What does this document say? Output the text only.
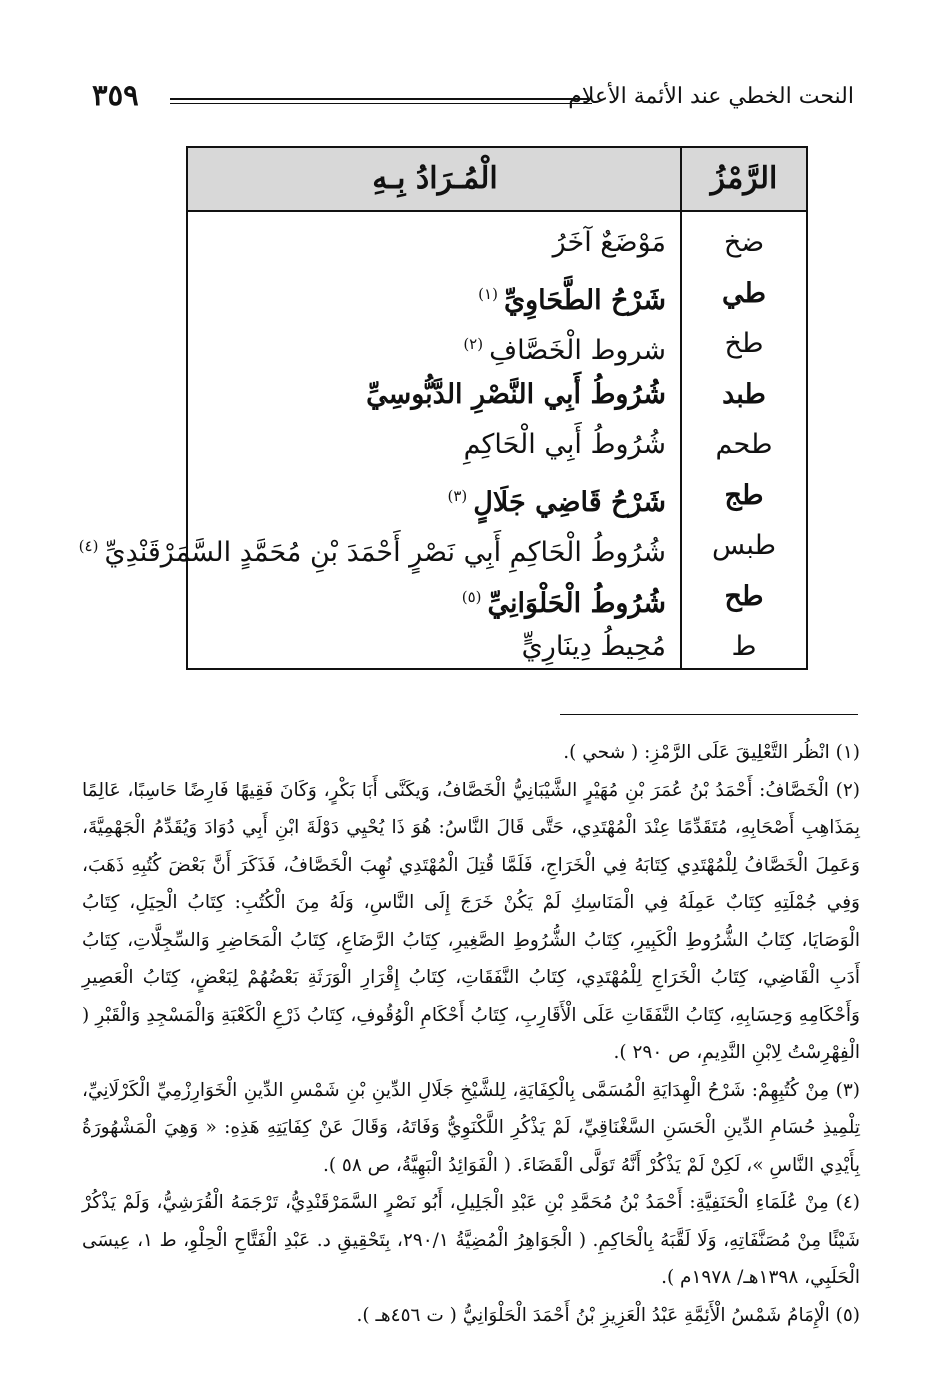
النحت الخطي عند الأئمة الأعلام
٣٥٩
الرَّمْزُ
الْمُـرَادُ بِـهِ
ضخ
مَوْضَعٌ آخَرُ
طي
شَرْحُ الطَّحَاوِيِّ$^{(١)}$
طخ
شروط الْخَصَّافِ$^{(٢)}$
طبد
شُرُوطُ أَبِي النَّصْرِ الدَّبُّوسِيِّ
طحم
شُرُوطُ أَبِي الْحَاكِمِ
طج
شَرْحُ قَاضِي جَلَالٍ$^{(٣)}$
طبس
شُرُوطُ الْحَاكِمِ أَبِي نَصْرٍ أَحْمَدَ بْنِ مُحَمَّدٍ السَّمَرْقَنْدِيِّ$^{(٤)}$
طح
شُرُوطُ الْحَلْوَانِيِّ$^{(٥)}$
ط
مُحِيطُ دِينَارِيٍّ
(١) انْظُر التَّعْلِيقَ عَلَى الرَّمْزِ: ( شحي ).
(٢) الْخَصَّافُ: أَحْمَدُ بْنُ عُمَرَ بْنِ مُهَيْرٍ الشَّيْبَانِيُّ الْخَصَّافُ، وَيكَنَّى أَبَا بَكْرٍ، وَكَانَ فَقِيهًا فَارِضًا حَاسِبًا، عَالِمًا بِمَذَاهِبِ أَصْحَابِهِ، مُتَقَدِّمًا عِنْدَ الْمُهْتَدِي، حَتَّى قَالَ النَّاسُ: هُوَ ذَا يُحْيِي دَوْلَةَ ابْنِ أَبِي دُوَادَ وَيُقَدِّمُ الْجَهْمِيَّةَ، وَعَمِلَ الْخَصَّافُ لِلْمُهْتَدِي كِتَابَهُ فِي الْخَرَاجِ، فَلَمَّا قُتِلَ الْمُهْتَدِي نُهِبَ الْخَصَّافُ، فَذَكَرَ أَنَّ بَعْضَ كُتُبِهِ ذَهَبَ، وَفِي جُمْلَتِهِ كِتَابٌ عَمِلَهُ فِي الْمَنَاسِكِ لَمْ يَكُنْ خَرَجَ إِلَى النَّاسِ، وَلَهُ مِنَ الْكُتُبِ: كِتَابُ الْحِيَلِ، كِتَابُ الْوَصَايَا، كِتَابُ الشُّرُوطِ الْكَبِيرِ، كِتَابُ الشُّرُوطِ الصَّغِيرِ، كِتَابُ الرَّضَاعِ، كِتَابُ الْمَحَاضِرِ وَالسِّجِلَّاتِ، كِتَابُ أَدَبِ الْقَاضِي، كِتَابُ الْخَرَاجِ لِلْمُهْتَدِي، كِتَابُ النَّفَقَاتِ، كِتَابُ إِقْرَارِ الْوَرَثَةِ بَعْضُهُمْ لِبَعْضٍ، كِتَابُ الْعَصِيرِ وَأَحْكَامِهِ وَحِسَابِهِ، كِتَابُ النَّفَقَاتِ عَلَى الْأَقَارِبِ، كِتَابُ أَحْكَامِ الْوُقُوفِ، كِتَابُ ذَرْعِ الْكَعْبَةِ وَالْمَسْجِدِ وَالْقَبْرِ ( الْفِهْرِسْتُ لِابْنِ النَّدِيمِ، ص ٢٩٠ ).
(٣) مِنْ كُتُبِهِمْ: شَرْحُ الْهِدَايَةِ الْمُسَمَّى بِالْكِفَايَةِ، لِلشَّيْخِ جَلَالِ الدِّينِ بْنِ شَمْسِ الدِّينِ الْخَوَارِزْمِيِّ الْكَرْلَانِيِّ، تِلْمِيذِ حُسَامِ الدِّينِ الْحَسَنِ السَّغْنَاقِيِّ، لَمْ يَذْكُرِ اللَّكْنَوِيُّ وَفَاتَهُ، وَقَالَ عَنْ كِفَايَتِهِ هَذِهِ: « وَهِيَ الْمَشْهُورَةُ بِأَيْدِي النَّاسِ »، لَكِنْ لَمْ يَذْكُرْ أَنَّهُ تَوَلَّى الْقَضَاءَ. ( الْفَوَائِدُ الْبَهِيَّةُ، ص ٥٨ ).
(٤) مِنْ عُلَمَاءِ الْحَنَفِيَّةِ: أَحْمَدُ بْنُ مُحَمَّدِ بْنِ عَبْدِ الْجَلِيلِ، أَبُو نَصْرٍ السَّمَرْقَنْدِيُّ، تَرْجَمَهُ الْقُرَشِيُّ، وَلَمْ يَذْكُرْ شَيْئًا مِنْ مُصَنَّفَاتِهِ، وَلَا لَقَّبَهُ بِالْحَاكِمِ. ( الْجَوَاهِرُ الْمُضِيَّةُ ٢٩٠/١، بِتَحْقِيقِ د. عَبْدِ الْفَتَّاحِ الْحِلْوِ، ط ١، عِيسَى الْحَلَبِي، ١٣٩٨هـ/ ١٩٧٨م ).
(٥) الْإِمَامُ شَمْسُ الْأَئِمَّةِ عَبْدُ الْعَزِيزِ بْنُ أَحْمَدَ الْحَلْوَانِيُّ ( ت ٤٥٦هـ ).
